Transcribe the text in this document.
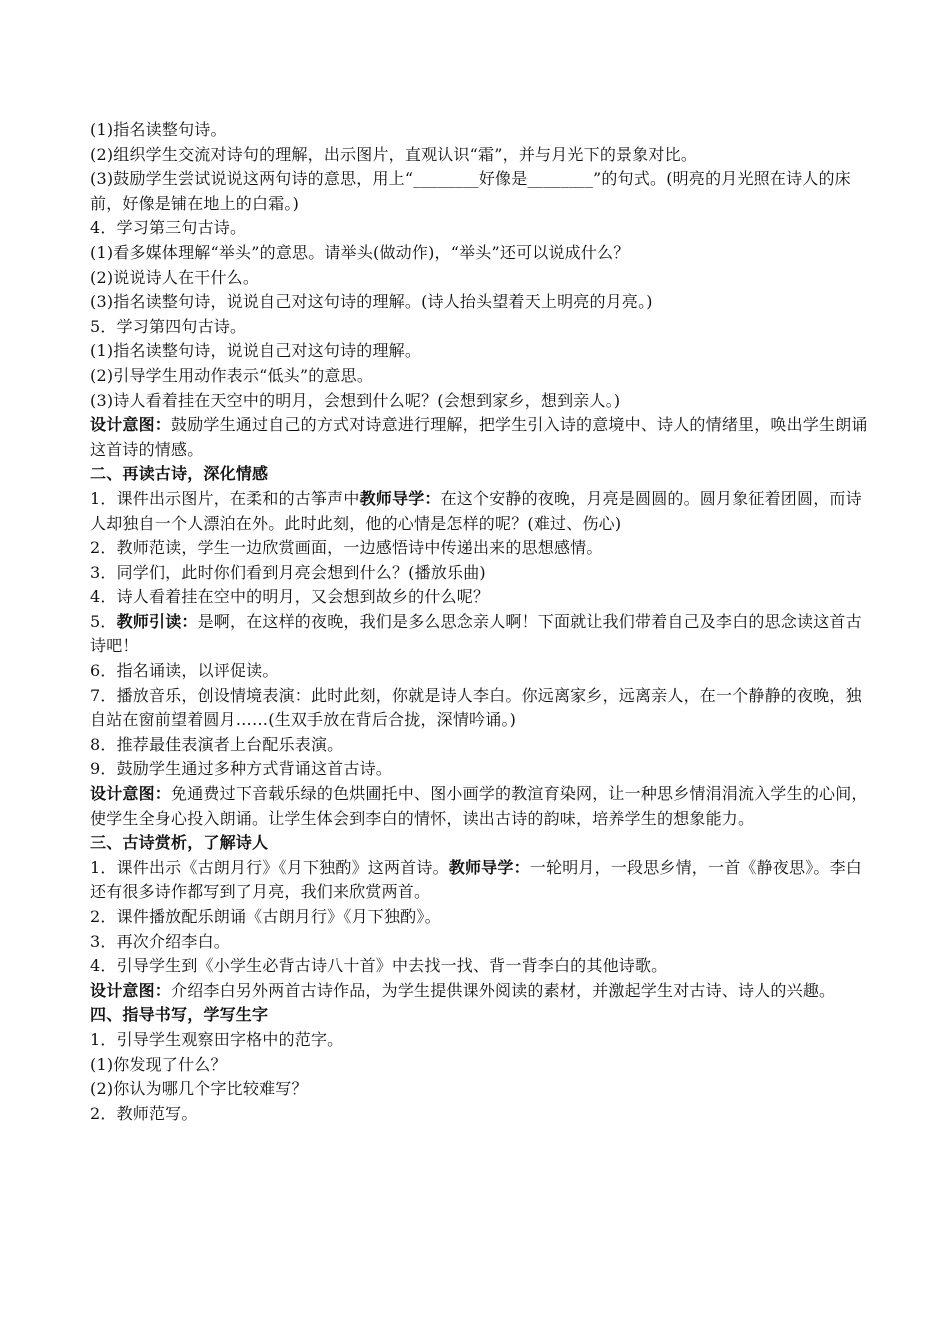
(1)指名读整句诗。

(2)组织学生交流对诗句的理解，出示图片，直观认识“霜”，并与月光下的景象对比。

(3)鼓励学生尝试说说这两句诗的意思，用上“________好像是________”的句式。(明亮的月光照在诗人的床前，好像是铺在地上的白霜。)

4．学习第三句古诗。

(1)看多媒体理解“举头”的意思。请举头(做动作)，“举头”还可以说成什么？

(2)说说诗人在干什么。

(3)指名读整句诗，说说自己对这句诗的理解。(诗人抬头望着天上明亮的月亮。)

5．学习第四句古诗。

(1)指名读整句诗，说说自己对这句诗的理解。

(2)引导学生用动作表示“低头”的意思。

(3)诗人看着挂在天空中的明月，会想到什么呢？(会想到家乡，想到亲人。)

设计意图：鼓励学生通过自己的方式对诗意进行理解，把学生引入诗的意境中、诗人的情绪里，唤出学生朗诵这首诗的情感。

二、再读古诗，深化情感

1．课件出示图片，在柔和的古筝声中教师导学：在这个安静的夜晚，月亮是圆圆的。圆月象征着团圆，而诗人却独自一个人漂泊在外。此时此刻，他的心情是怎样的呢？(难过、伤心)

2．教师范读，学生一边欣赏画面，一边感悟诗中传递出来的思想感情。

3．同学们，此时你们看到月亮会想到什么？(播放乐曲)

4．诗人看着挂在空中的明月，又会想到故乡的什么呢？

5．教师引读：是啊，在这样的夜晚，我们是多么思念亲人啊！下面就让我们带着自己及李白的思念读这首古诗吧！

6．指名诵读，以评促读。

7．播放音乐，创设情境表演：此时此刻，你就是诗人李白。你远离家乡，远离亲人，在一个静静的夜晚，独自站在窗前望着圆月……(生双手放在背后合拢，深情吟诵。)

8．推荐最佳表演者上台配乐表演。

9．鼓励学生通过多种方式背诵这首古诗。

设计意图：免通费过下音载乐绿的色烘圃托中、图小画学的教渲育染网，让一种思乡情涓涓流入学生的心间，使学生全身心投入朗诵。让学生体会到李白的情怀，读出古诗的韵味，培养学生的想象能力。

三、古诗赏析，了解诗人

1．课件出示《古朗月行》《月下独酌》这两首诗。教师导学：一轮明月，一段思乡情，一首《静夜思》。李白还有很多诗作都写到了月亮，我们来欣赏两首。

2．课件播放配乐朗诵《古朗月行》《月下独酌》。

3．再次介绍李白。

4．引导学生到《小学生必背古诗八十首》中去找一找、背一背李白的其他诗歌。

设计意图：介绍李白另外两首古诗作品，为学生提供课外阅读的素材，并激起学生对古诗、诗人的兴趣。

四、指导书写，学写生字

1．引导学生观察田字格中的范字。

(1)你发现了什么？

(2)你认为哪几个字比较难写？

2．教师范写。
